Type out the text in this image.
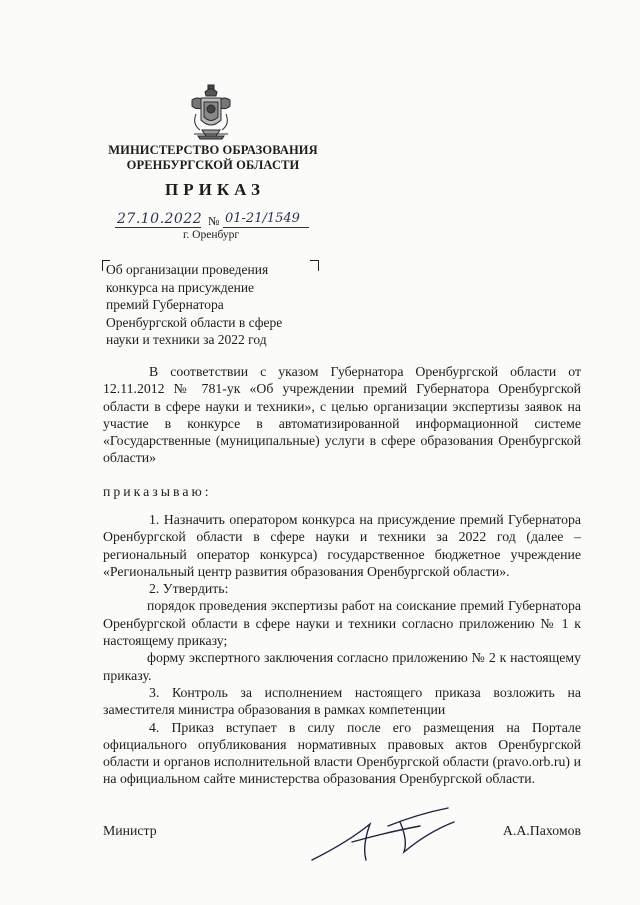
МИНИСТЕРСТВО ОБРАЗОВАНИЯ
ОРЕНБУРГСКОЙ ОБЛАСТИ
ПРИКАЗ
27.10.2022 № 01-21/1549
г. Оренбург
Об организации проведения
конкурса на присуждение
премий Губернатора
Оренбургской области в сфере
науки и техники за 2022 год

В соответствии с указом Губернатора Оренбургской области от 12.11.2012 № 781-ук «Об учреждении премий Губернатора Оренбургской области в сфере науки и техники», с целью организации экспертизы заявок на участие в конкурсе в автоматизированной информационной системе «Государственные (муниципальные) услуги в сфере образования Оренбургской области»

приказываю:

1. Назначить оператором конкурса на присуждение премий Губернатора Оренбургской области в сфере науки и техники за 2022 год (далее – региональный оператор конкурса) государственное бюджетное учреждение «Региональный центр развития образования Оренбургской области».

2. Утвердить:

порядок проведения экспертизы работ на соискание премий Губернатора Оренбургской области в сфере науки и техники согласно приложению № 1 к настоящему приказу;

форму экспертного заключения согласно приложению № 2 к настоящему приказу.

3. Контроль за исполнением настоящего приказа возложить на заместителя министра образования в рамках компетенции

4. Приказ вступает в силу после его размещения на Портале официального опубликования нормативных правовых актов Оренбургской области и органов исполнительной власти Оренбургской области (pravo.orb.ru) и на официальном сайте министерства образования Оренбургской области.

Министр	А.А.Пахомов
